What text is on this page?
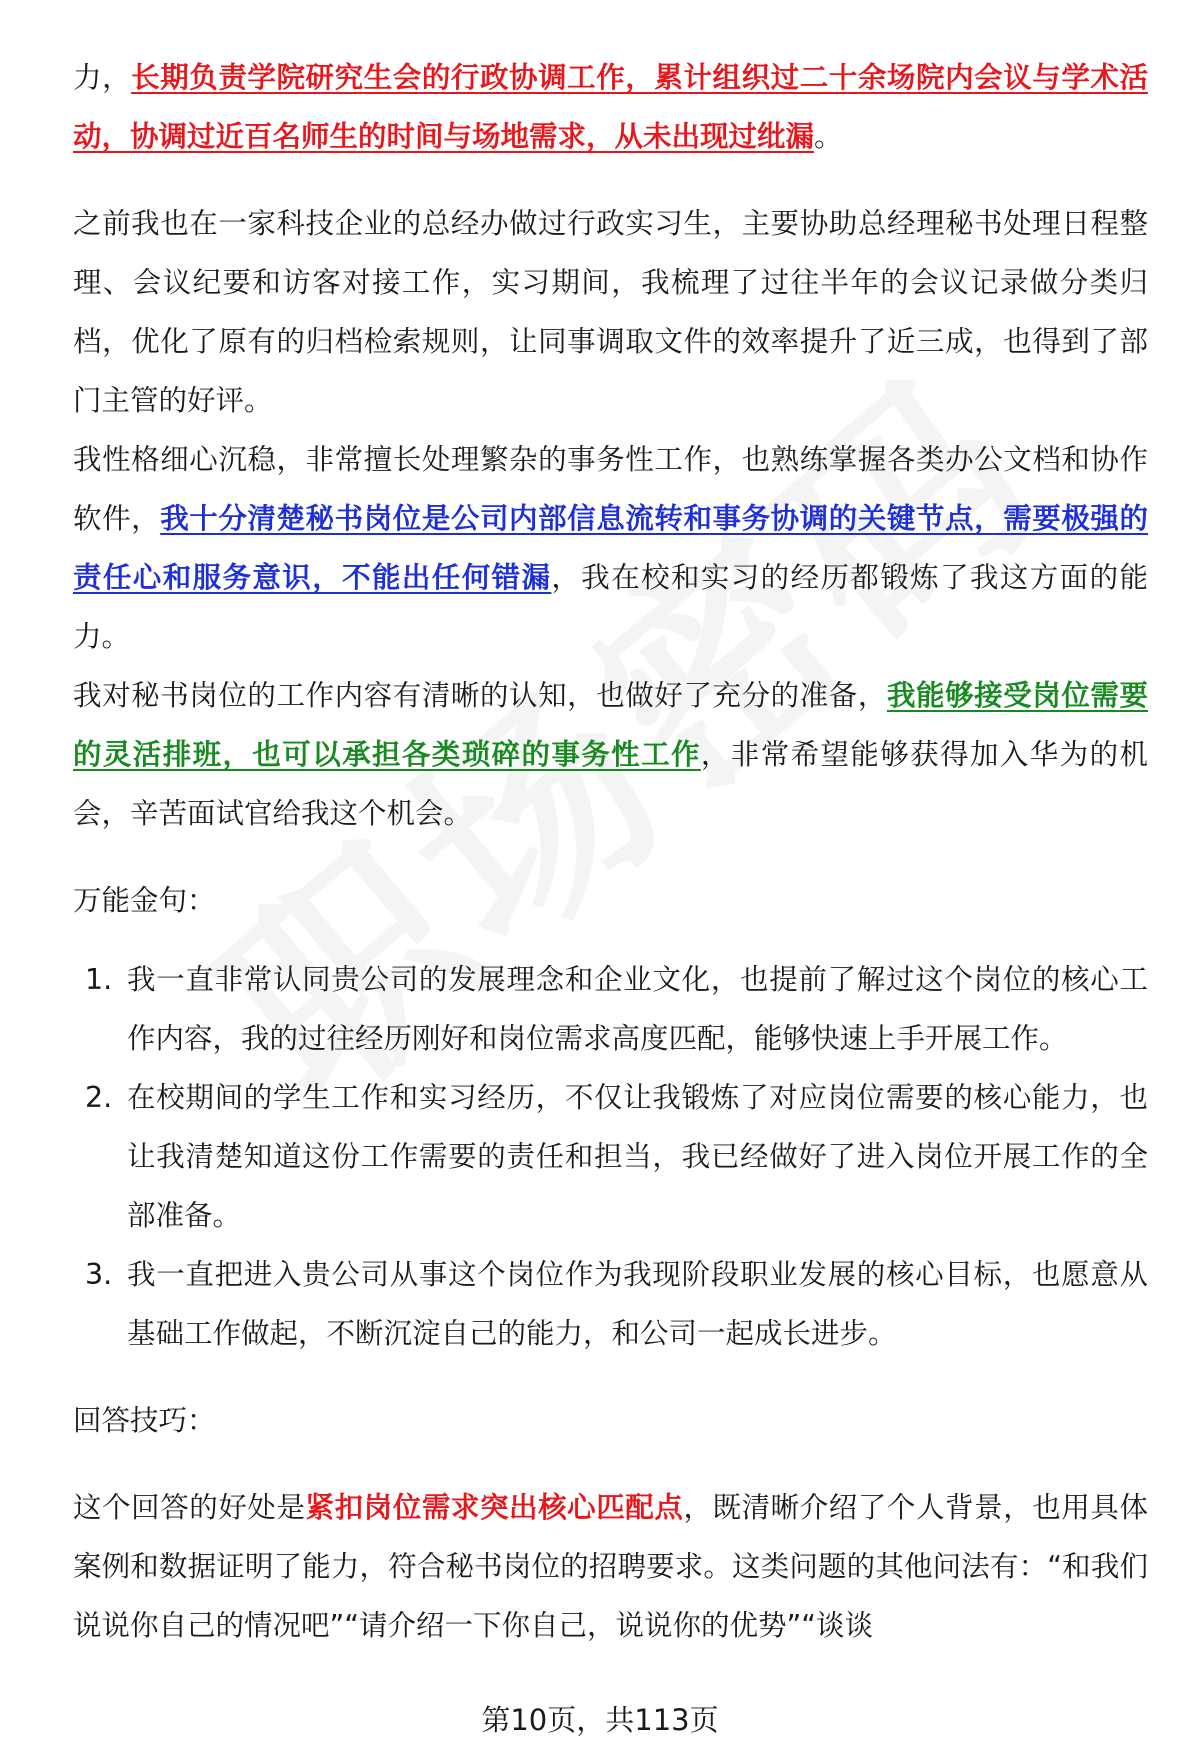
力，长期负责学院研究生会的行政协调工作，累计组织过二十余场院内会议与学术活动，协调过近百名师生的时间与场地需求，从未出现过纰漏。

之前我也在一家科技企业的总经办做过行政实习生，主要协助总经理秘书处理日程整理、会议纪要和访客对接工作，实习期间，我梳理了过往半年的会议记录做分类归档，优化了原有的归档检索规则，让同事调取文件的效率提升了近三成，也得到了部门主管的好评。

我性格细心沉稳，非常擅长处理繁杂的事务性工作，也熟练掌握各类办公文档和协作软件，我十分清楚秘书岗位是公司内部信息流转和事务协调的关键节点，需要极强的责任心和服务意识，不能出任何错漏，我在校和实习的经历都锻炼了我这方面的能力。

我对秘书岗位的工作内容有清晰的认知，也做好了充分的准备，我能够接受岗位需要的灵活排班，也可以承担各类琐碎的事务性工作，非常希望能够获得加入华为的机会，辛苦面试官给我这个机会。

万能金句：

1. 我一直非常认同贵公司的发展理念和企业文化，也提前了解过这个岗位的核心工作内容，我的过往经历刚好和岗位需求高度匹配，能够快速上手开展工作。
2. 在校期间的学生工作和实习经历，不仅让我锻炼了对应岗位需要的核心能力，也让我清楚知道这份工作需要的责任和担当，我已经做好了进入岗位开展工作的全部准备。
3. 我一直把进入贵公司从事这个岗位作为我现阶段职业发展的核心目标，也愿意从基础工作做起，不断沉淀自己的能力，和公司一起成长进步。

回答技巧：

这个回答的好处是紧扣岗位需求突出核心匹配点，既清晰介绍了个人背景，也用具体案例和数据证明了能力，符合秘书岗位的招聘要求。这类问题的其他问法有：“和我们说说你自己的情况吧”“请介绍一下你自己，说说你的优势”“谈谈

第10页，共113页
